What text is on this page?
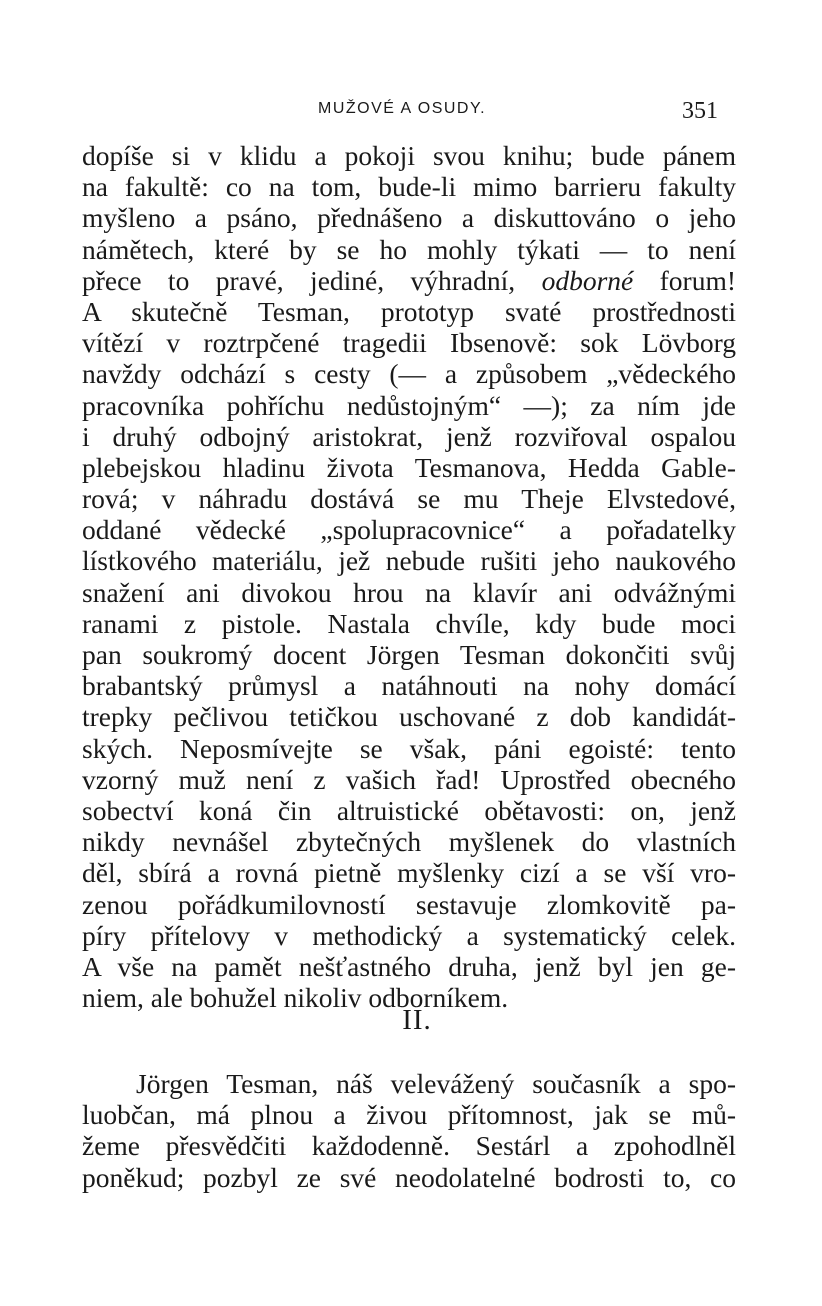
MUŽOVÉ A OSUDY.	351
dopíše si v klidu a pokoji svou knihu; bude pánem
na fakultě: co na tom, bude-li mimo barrieru fakulty
myšleno a psáno, přednášeno a diskuttováno o jeho
námětech, které by se ho mohly týkati — to není
přece to pravé, jediné, výhradní, odborné forum!
A skutečně Tesman, prototyp svaté prostřednosti
vítězí v roztrpčené tragedii Ibsenově: sok Lövborg
navždy odchází s cesty (— a způsobem „vědeckého
pracovníka pohříchu nedůstojným“ —); za ním jde
i druhý odbojný aristokrat, jenž rozviřoval ospalou
plebejskou hladinu života Tesmanova, Hedda Gable-
rová; v náhradu dostává se mu Theje Elvstedové,
oddané vědecké „spolupracovnice“ a pořadatelky
lístkového materiálu, jež nebude rušiti jeho naukového
snažení ani divokou hrou na klavír ani odvážnými
ranami z pistole. Nastala chvíle, kdy bude moci
pan soukromý docent Jörgen Tesman dokončiti svůj
brabantský průmysl a natáhnouti na nohy domácí
trepky pečlivou tetičkou uschované z dob kandidát-
ských. Neposmívejte se však, páni egoisté: tento
vzorný muž není z vašich řad! Uprostřed obecného
sobectví koná čin altruistické obětavosti: on, jenž
nikdy nevnášel zbytečných myšlenek do vlastních
děl, sbírá a rovná pietně myšlenky cizí a se vší vro-
zenou pořádkumilovností sestavuje zlomkovitě pa-
píry přítelovy v methodický a systematický celek.
A vše na pamět nešťastného druha, jenž byl jen ge-
niem, ale bohužel nikoliv odborníkem.
II.
Jörgen Tesman, náš velevážený současník a spo-
luobčan, má plnou a živou přítomnost, jak se mů-
žeme přesvědčiti každodenně. Sestárl a zpohodlněl
poněkud; pozbyl ze své neodolatelné bodrosti to, co
